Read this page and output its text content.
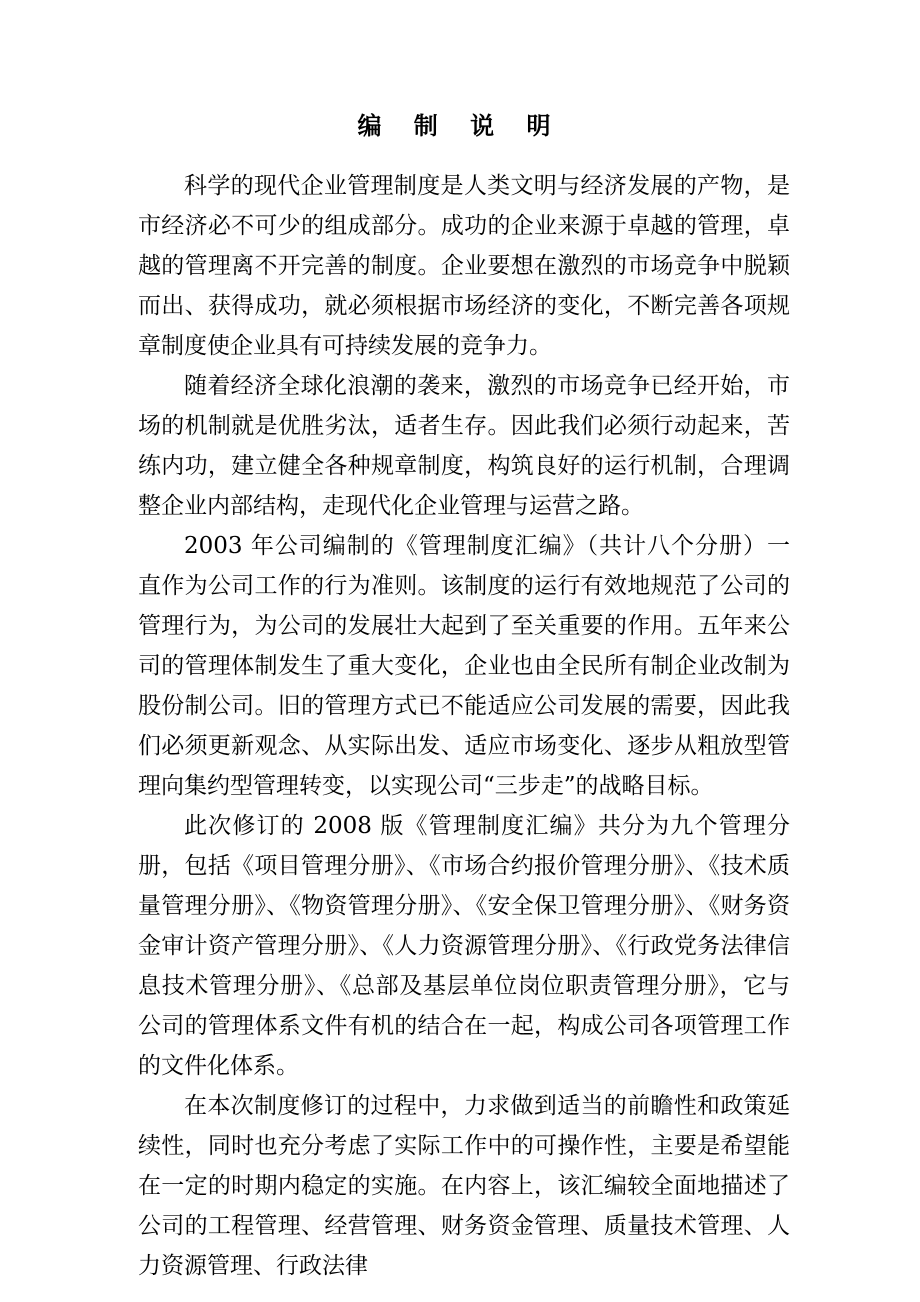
编 制 说 明

科学的现代企业管理制度是人类文明与经济发展的产物，是市经济必不可少的组成部分。成功的企业来源于卓越的管理，卓越的管理离不开完善的制度。企业要想在激烈的市场竞争中脱颖而出、获得成功，就必须根据市场经济的变化，不断完善各项规章制度使企业具有可持续发展的竞争力。

随着经济全球化浪潮的袭来，激烈的市场竞争已经开始，市场的机制就是优胜劣汰，适者生存。因此我们必须行动起来，苦练内功，建立健全各种规章制度，构筑良好的运行机制，合理调整企业内部结构，走现代化企业管理与运营之路。

2003 年公司编制的《管理制度汇编》（共计八个分册）一直作为公司工作的行为准则。该制度的运行有效地规范了公司的管理行为，为公司的发展壮大起到了至关重要的作用。五年来公司的管理体制发生了重大变化，企业也由全民所有制企业改制为股份制公司。旧的管理方式已不能适应公司发展的需要，因此我们必须更新观念、从实际出发、适应市场变化、逐步从粗放型管理向集约型管理转变，以实现公司“三步走”的战略目标。

此次修订的 2008 版《管理制度汇编》共分为九个管理分册，包括《项目管理分册》、《市场合约报价管理分册》、《技术质量管理分册》、《物资管理分册》、《安全保卫管理分册》、《财务资金审计资产管理分册》、《人力资源管理分册》、《行政党务法律信息技术管理分册》、《总部及基层单位岗位职责管理分册》，它与公司的管理体系文件有机的结合在一起，构成公司各项管理工作的文件化体系。

在本次制度修订的过程中，力求做到适当的前瞻性和政策延续性，同时也充分考虑了实际工作中的可操作性，主要是希望能在一定的时期内稳定的实施。在内容上，该汇编较全面地描述了公司的工程管理、经营管理、财务资金管理、质量技术管理、人力资源管理、行政法律
